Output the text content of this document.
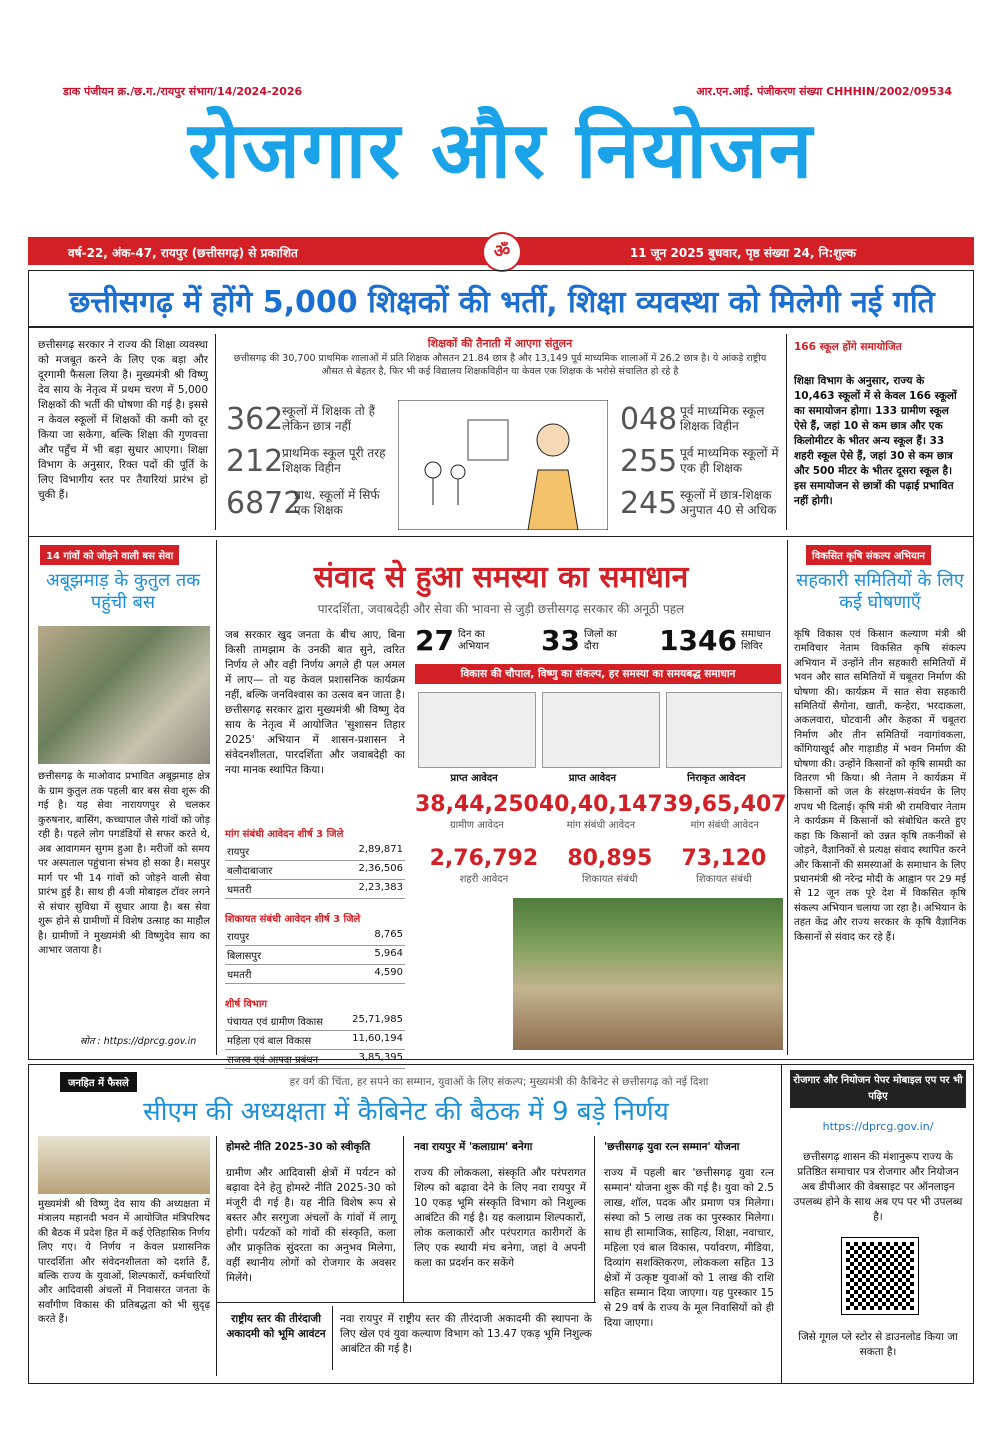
डाक पंजीयन क्र./छ.ग./रायपुर संभाग/14/2024-2026	आर.एन.आई. पंजीकरण संख्या CHHHIN/2002/09534
रोजगार और नियोजन
वर्ष-22, अंक-47, रायपुर (छत्तीसगढ़) से प्रकाशित	11 जून 2025 बुधवार, पृष्ठ संख्या 24, नि:शुल्क
ॐ
छत्तीसगढ़ में होंगे 5,000 शिक्षकों की भर्ती, शिक्षा व्यवस्था को मिलेगी नई गति
छत्तीसगढ़ सरकार ने राज्य की शिक्षा व्यवस्था को मजबूत करने के लिए एक बड़ा और दूरगामी फैसला लिया है। मुख्यमंत्री श्री विष्णु देव साय के नेतृत्व में प्रथम चरण में 5,000 शिक्षकों की भर्ती की घोषणा की गई है। इससे न केवल स्कूलों में शिक्षकों की कमी को दूर किया जा सकेगा, बल्कि शिक्षा की गुणवत्ता और पहुँच में भी बड़ा सुधार आएगा। शिक्षा विभाग के अनुसार, रिक्त पदों की पूर्ति के लिए विभागीय स्तर पर तैयारियां प्रारंभ हो चुकी हैं।
शिक्षकों की तैनाती में आएगा संतुलन
छत्तीसगढ़ की 30,700 प्राथमिक शालाओं में प्रति शिक्षक औसतन 21.84 छात्र है और 13,149 पूर्व माध्यमिक शालाओं में 26.2 छात्र है। ये आंकड़े राष्ट्रीय औसत से बेहतर है, फिर भी कई विद्यालय शिक्षकविहीन या केवल एक शिक्षक के भरोसे संचालित हो रहे है
362
स्कूलों में शिक्षक तो हैं लेकिन छात्र नहीं
212
प्राथमिक स्कूल पूरी तरह शिक्षक विहीन
6872
प्राथ. स्कूलों में सिर्फ एक शिक्षक
048 पूर्व माध्यमिक स्कूल शिक्षक विहीन
255 पूर्व माध्यमिक स्कूलों में एक ही शिक्षक
245 स्कूलों में छात्र-शिक्षक अनुपात 40 से अधिक
166 स्कूल होंगे समायोजित
शिक्षा विभाग के अनुसार, राज्य के 10,463 स्कूलों में से केवल 166 स्कूलों का समायोजन होगा। 133 ग्रामीण स्कूल ऐसे हैं, जहां 10 से कम छात्र और एक किलोमीटर के भीतर अन्य स्कूल हैं। 33 शहरी स्कूल ऐसे हैं, जहां 30 से कम छात्र और 500 मीटर के भीतर दूसरा स्कूल है। इस समायोजन से छात्रों की पढ़ाई प्रभावित नहीं होगी।
14 गांवों को जोड़ने वाली बस सेवा
अबूझमाड़ के कुतुल तक पहुंची बस
छत्तीसगढ़ के माओवाद प्रभावित अबूझमाड़ क्षेत्र के ग्राम कुतुल तक पहली बार बस सेवा शुरू की गई है। यह सेवा नारायणपुर से चलकर कुरुषनार, बासिंग, कच्चापाल जैसे गांवों को जोड़ रही है। पहले लोग पगडंडियों से सफर करते थे, अब आवागमन सुगम हुआ है। मरीजों को समय पर अस्पताल पहुंचाना संभव हो सका है। मसपुर मार्ग पर भी 14 गांवों को जोड़ने वाली सेवा प्रारंभ हुई है। साथ ही 4जी मोबाइल टॉवर लगने से संचार सुविधा में सुधार आया है। बस सेवा शुरू होने से ग्रामीणों में विशेष उत्साह का माहौल है। ग्रामीणों ने मुख्यमंत्री श्री विष्णुदेव साय का आभार जताया है।
स्रोत : https://dprcg.gov.in
संवाद से हुआ समस्या का समाधान
पारदर्शिता, जवाबदेही और सेवा की भावना से जुड़ी छत्तीसगढ़ सरकार की अनूठी पहल
जब सरकार खुद जनता के बीच आए, बिना किसी तामझाम के उनकी बात सुने, त्वरित निर्णय ले और वही निर्णय अगले ही पल अमल में लाए— तो यह केवल प्रशासनिक कार्यक्रम नहीं, बल्कि जनविश्वास का उत्सव बन जाता है। छत्तीसगढ़ सरकार द्वारा मुख्यमंत्री श्री विष्णु देव साय के नेतृत्व में आयोजित 'सुशासन तिहार 2025' अभियान में शासन-प्रशासन ने संवेदनशीलता, पारदर्शिता और जवाबदेही का नया मानक स्थापित किया।
मांग संबंधी आवेदन शीर्ष 3 जिले
रायपुर	2,89,871
बलौदाबाजार	2,36,506
धमतरी	2,23,383
शिकायत संबंधी आवेदन शीर्ष 3 जिले
रायपुर	8,765
बिलासपुर	5,964
धमतरी	4,590
शीर्ष विभाग
पंचायत एवं ग्रामीण विकास	25,71,985
महिला एवं बाल विकास	11,60,194
राजस्व एवं आपदा प्रबंधन	3,85,395
27 दिन का अभियान	33 जिलों का दौरा	1346 समाधान शिविर
विकास की चौपाल, विष्णु का संकल्प, हर समस्या का समयबद्ध समाधान
प्राप्त आवेदन	प्राप्त आवेदन	निराकृत आवेदन
38,44,250
ग्रामीण आवेदन
40,40,147
मांग संबंधी आवेदन
39,65,407
मांग संबंधी आवेदन
2,76,792
शहरी आवेदन
80,895
शिकायत संबंधी
73,120
शिकायत संबंधी
विकसित कृषि संकल्प अभियान
सहकारी समितियों के लिए कई घोषणाएँ
कृषि विकास एवं किसान कल्याण मंत्री श्री रामविचार नेताम विकसित कृषि संकल्प अभियान में उन्होंने तीन सहकारी समितियों में भवन और सात समितियों में चबूतरा निर्माण की घोषणा की। कार्यक्रम में सात सेवा सहकारी समितियों सैगोना, खाती, कन्हेरा, भरदाकला, अकलवारा, घोटवानी और केहका में चबूतरा निर्माण और तीन समितियों नवागांवकला, कोंगियाखुर्द और गाड़ाडीह में भवन निर्माण की घोषणा की। उन्होंने किसानों को कृषि सामग्री का वितरण भी किया। श्री नेताम ने कार्यक्रम में किसानों को जल के संरक्षण-संवर्धन के लिए शपथ भी दिलाई। कृषि मंत्री श्री रामविचार नेताम ने कार्यक्रम में किसानों को संबोधित करते हुए कहा कि किसानों को उन्नत कृषि तकनीकों से जोड़ने, वैज्ञानिकों से प्रत्यक्ष संवाद स्थापित करने और किसानों की समस्याओं के समाधान के लिए प्रधानमंत्री श्री नरेन्द्र मोदी के आह्वान पर 29 मई से 12 जून तक पूरे देश में विकसित कृषि संकल्प अभियान चलाया जा रहा है। अभियान के तहत केंद्र और राज्य सरकार के कृषि वैज्ञानिक किसानों से संवाद कर रहे हैं।
जनहित में फैसले	हर वर्ग की चिंता, हर सपने का सम्मान, युवाओं के लिए संकल्प; मुख्यमंत्री की कैबिनेट से छत्तीसगढ़ को नई दिशा
सीएम की अध्यक्षता में कैबिनेट की बैठक में 9 बड़े निर्णय
मुख्यमंत्री श्री विष्णु देव साय की अध्यक्षता में मंत्रालय महानदी भवन में आयोजित मंत्रिपरिषद की बैठक में प्रदेश हित में कई ऐतिहासिक निर्णय लिए गए। ये निर्णय न केवल प्रशासनिक पारदर्शिता और संवेदनशीलता को दर्शाते हैं, बल्कि राज्य के युवाओं, शिल्पकारों, कर्मचारियों और आदिवासी अंचलों में निवासरत जनता के सर्वांगीण विकास की प्रतिबद्धता को भी सुदृढ़ करते हैं।
होमस्टे नीति 2025-30 को स्वीकृति
ग्रामीण और आदिवासी क्षेत्रों में पर्यटन को बढ़ावा देने हेतु होमस्टे नीति 2025-30 को मंजूरी दी गई है। यह नीति विशेष रूप से बस्तर और सरगुजा अंचलों के गांवों में लागू होगी। पर्यटकों को गांवों की संस्कृति, कला और प्राकृतिक सुंदरता का अनुभव मिलेगा, वहीं स्थानीय लोगों को रोजगार के अवसर मिलेंगे।
नवा रायपुर में 'कलाग्राम' बनेगा
राज्य की लोककला, संस्कृति और परंपरागत शिल्प को बढ़ावा देने के लिए नवा रायपुर में 10 एकड़ भूमि संस्कृति विभाग को निशुल्क आबंटित की गई है। यह कलाग्राम शिल्पकारों, लोक कलाकारों और परंपरागत कारीगरों के लिए एक स्थायी मंच बनेगा, जहां वे अपनी कला का प्रदर्शन कर सकेंगे
'छत्तीसगढ़ युवा रत्न सम्मान' योजना
राज्य में पहली बार 'छत्तीसगढ़ युवा रत्न सम्मान' योजना शुरू की गई है। युवा को 2.5 लाख, शॉल, पदक और प्रमाण पत्र मिलेगा। संस्था को 5 लाख तक का पुरस्कार मिलेगा। साथ ही सामाजिक, साहित्य, शिक्षा, नवाचार, महिला एवं बाल विकास, पर्यावरण, मीडिया, दिव्यांग सशक्तिकरण, लोककला सहित 13 क्षेत्रों में उत्कृष्ट युवाओं को 1 लाख की राशि सहित सम्मान दिया जाएगा। यह पुरस्कार 15 से 29 वर्ष के राज्य के मूल निवासियों को ही दिया जाएगा।
राष्ट्रीय स्तर की तीरंदाजी अकादमी को भूमि आवंटन
नवा रायपुर में राष्ट्रीय स्तर की तीरंदाजी अकादमी की स्थापना के लिए खेल एवं युवा कल्याण विभाग को 13.47 एकड़ भूमि निशुल्क आबंटित की गई है।
रोजगार और नियोजन पेपर मोबाइल एप पर भी पढ़िए
https://dprcg.gov.in/
छत्तीसगढ़ शासन की मंशानुरूप राज्य के प्रतिष्ठित समाचार पत्र रोजगार और नियोजन अब डीपीआर की वेबसाइट पर ऑनलाइन उपलब्ध होने के साथ अब एप पर भी उपलब्ध है।
जिसे गूगल प्ले स्टोर से डाउनलोड किया जा सकता है।
